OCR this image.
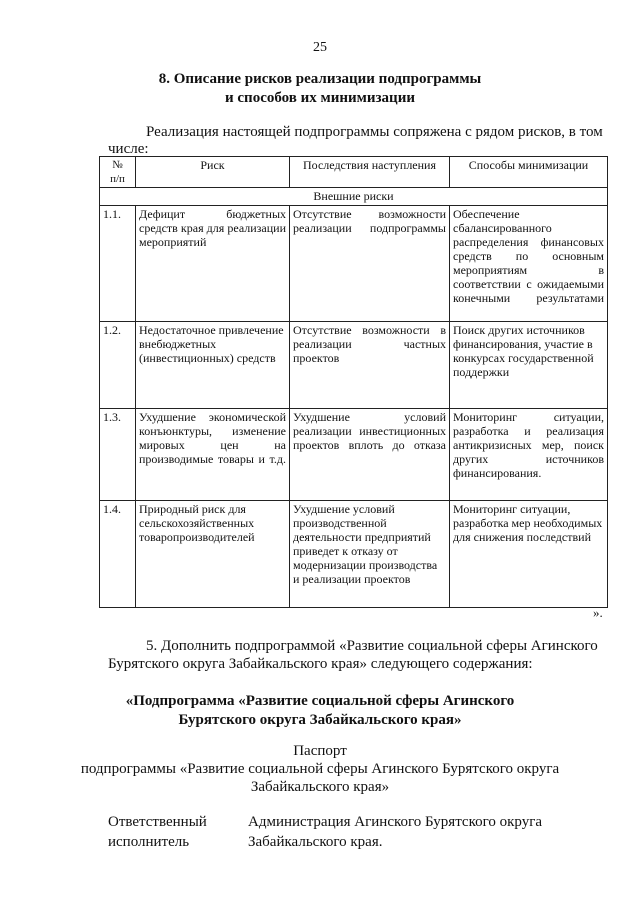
25
8. Описание рисков реализации подпрограммы
и способов их минимизации
Реализация настоящей подпрограммы сопряжена с рядом рисков, в том числе:
№
п/п	Риск	Последствия наступления	Способы минимизации
Внешние риски			
1.1.	Дефицит бюджетных средств края для реализации мероприятий	Отсутствие возможности реализации подпрограммы	Обеспечение сбалансированного распределения финансовых средств по основным мероприятиям в соответствии с ожидаемыми конечными результатами
1.2.	Недостаточное привлечение внебюджетных (инвестиционных) средств	Отсутствие возможности в реализации частных проектов	Поиск других источников финансирования, участие в конкурсах государственной поддержки
1.3.	Ухудшение экономической конъюнктуры, изменение мировых цен на производимые товары и т.д.	Ухудшение условий реализации инвестиционных проектов вплоть до отказа	Мониторинг ситуации, разработка и реализация антикризисных мер, поиск других источников финансирования.
1.4.	Природный риск для сельскохозяйственных товаропроизводителей	Ухудшение условий производственной деятельности предприятий приведет к отказу от модернизации производства и реализации проектов	Мониторинг ситуации, разработка мер необходимых для снижения последствий
».
5. Дополнить подпрограммой «Развитие социальной сферы Агинского Бурятского округа Забайкальского края» следующего содержания:
«Подпрограмма «Развитие социальной сферы Агинского
Бурятского округа Забайкальского края»
Паспорт
подпрограммы «Развитие социальной сферы Агинского Бурятского округа
Забайкальского края»
Ответственный
исполнитель
Администрация Агинского Бурятского округа
Забайкальского края.
